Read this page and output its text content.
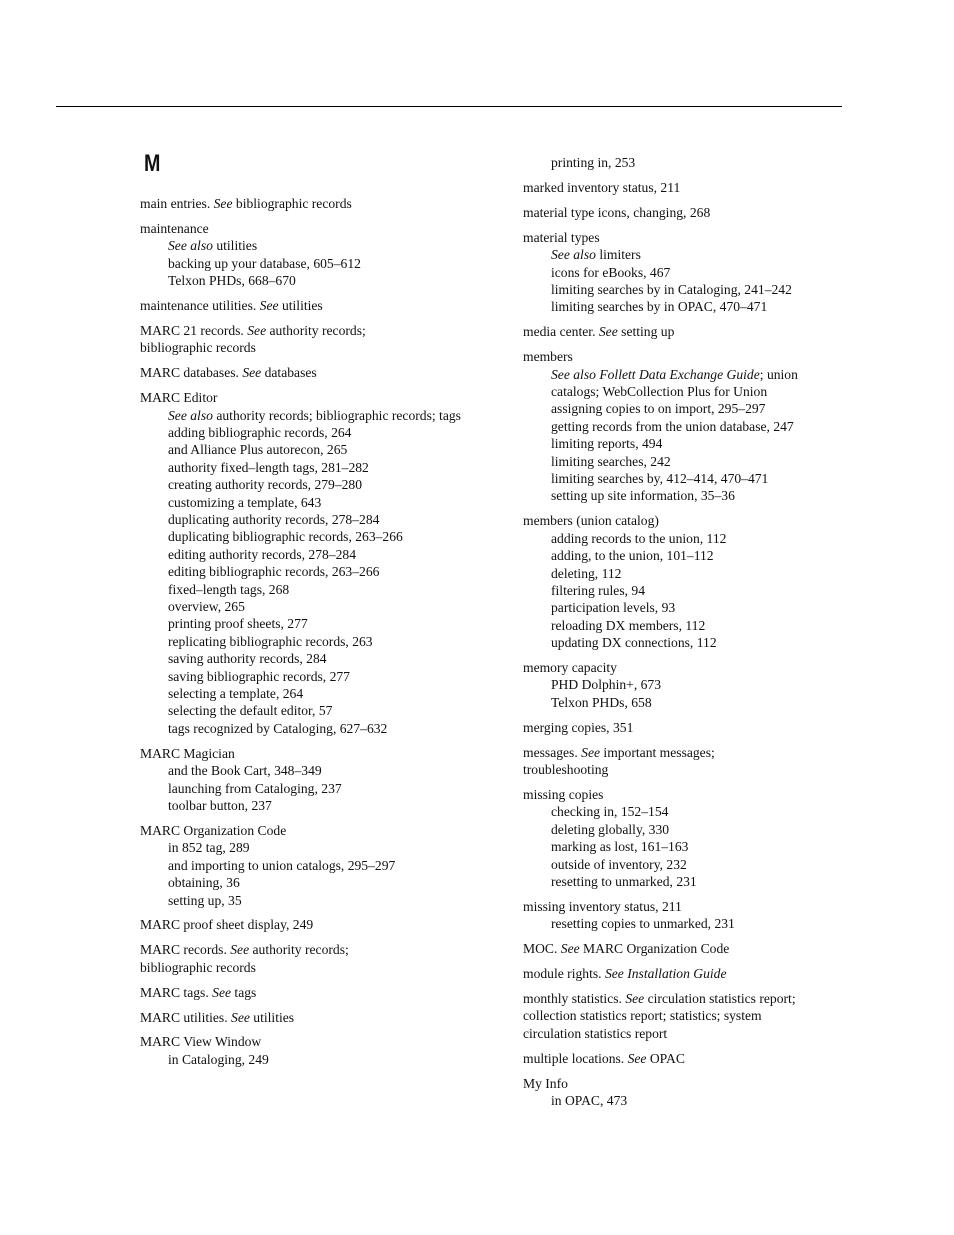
M
main entries. See bibliographic records
maintenance
See also utilities
backing up your database, 605–612
Telxon PHDs, 668–670
maintenance utilities. See utilities
MARC 21 records. See authority records;
bibliographic records
MARC databases. See databases
MARC Editor
See also authority records; bibliographic records; tags
adding bibliographic records, 264
and Alliance Plus autorecon, 265
authority fixed–length tags, 281–282
creating authority records, 279–280
customizing a template, 643
duplicating authority records, 278–284
duplicating bibliographic records, 263–266
editing authority records, 278–284
editing bibliographic records, 263–266
fixed–length tags, 268
overview, 265
printing proof sheets, 277
replicating bibliographic records, 263
saving authority records, 284
saving bibliographic records, 277
selecting a template, 264
selecting the default editor, 57
tags recognized by Cataloging, 627–632
MARC Magician
and the Book Cart, 348–349
launching from Cataloging, 237
toolbar button, 237
MARC Organization Code
in 852 tag, 289
and importing to union catalogs, 295–297
obtaining, 36
setting up, 35
MARC proof sheet display, 249
MARC records. See authority records;
bibliographic records
MARC tags. See tags
MARC utilities. See utilities
MARC View Window
in Cataloging, 249
printing in, 253
marked inventory status, 211
material type icons, changing, 268
material types
See also limiters
icons for eBooks, 467
limiting searches by in Cataloging, 241–242
limiting searches by in OPAC, 470–471
media center. See setting up
members
See also Follett Data Exchange Guide; union catalogs; WebCollection Plus for Union
assigning copies to on import, 295–297
getting records from the union database, 247
limiting reports, 494
limiting searches, 242
limiting searches by, 412–414, 470–471
setting up site information, 35–36
members (union catalog)
adding records to the union, 112
adding, to the union, 101–112
deleting, 112
filtering rules, 94
participation levels, 93
reloading DX members, 112
updating DX connections, 112
memory capacity
PHD Dolphin+, 673
Telxon PHDs, 658
merging copies, 351
messages. See important messages;
troubleshooting
missing copies
checking in, 152–154
deleting globally, 330
marking as lost, 161–163
outside of inventory, 232
resetting to unmarked, 231
missing inventory status, 211
resetting copies to unmarked, 231
MOC. See MARC Organization Code
module rights. See Installation Guide
monthly statistics. See circulation statistics report;
collection statistics report; statistics; system
circulation statistics report
multiple locations. See OPAC
My Info
in OPAC, 473
